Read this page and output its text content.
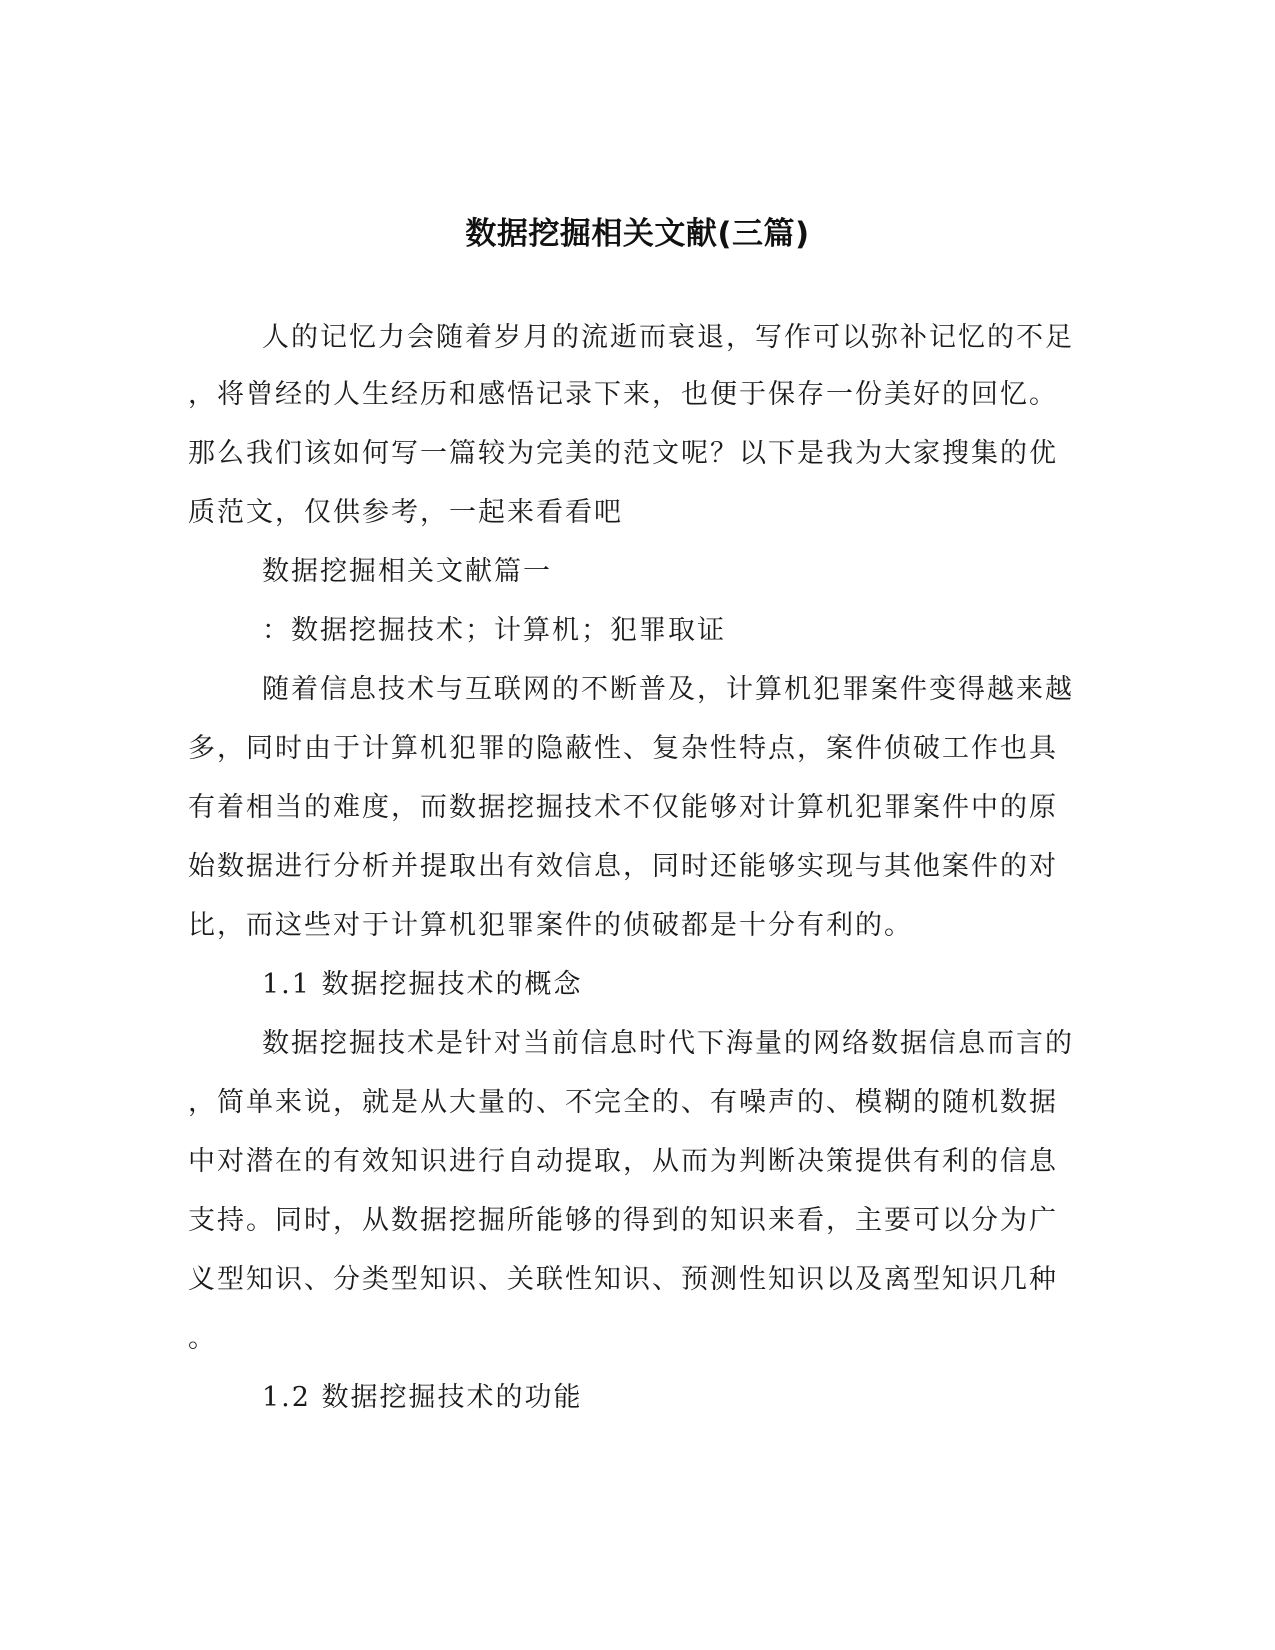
数据挖掘相关文献(三篇)
人的记忆力会随着岁月的流逝而衰退，写作可以弥补记忆的不足
，将曾经的人生经历和感悟记录下来，也便于保存一份美好的回忆。
那么我们该如何写一篇较为完美的范文呢？以下是我为大家搜集的优
质范文，仅供参考，一起来看看吧
数据挖掘相关文献篇一
：数据挖掘技术；计算机；犯罪取证
随着信息技术与互联网的不断普及，计算机犯罪案件变得越来越
多，同时由于计算机犯罪的隐蔽性、复杂性特点，案件侦破工作也具
有着相当的难度，而数据挖掘技术不仅能够对计算机犯罪案件中的原
始数据进行分析并提取出有效信息，同时还能够实现与其他案件的对
比，而这些对于计算机犯罪案件的侦破都是十分有利的。
1.1 数据挖掘技术的概念
数据挖掘技术是针对当前信息时代下海量的网络数据信息而言的
，简单来说，就是从大量的、不完全的、有噪声的、模糊的随机数据
中对潜在的有效知识进行自动提取，从而为判断决策提供有利的信息
支持。同时，从数据挖掘所能够的得到的知识来看，主要可以分为广
义型知识、分类型知识、关联性知识、预测性知识以及离型知识几种
。
1.2 数据挖掘技术的功能
